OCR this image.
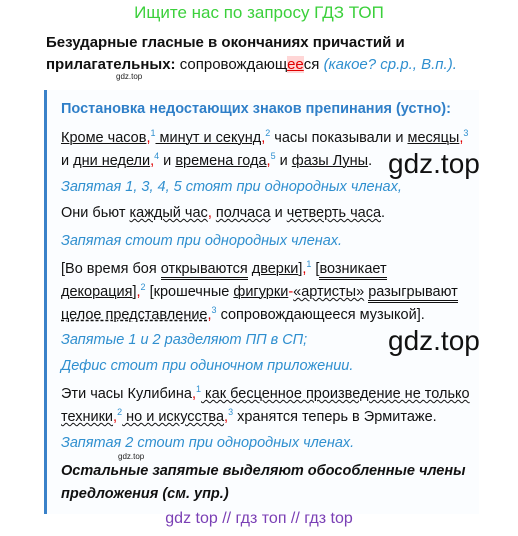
Ищите нас по запросу ГДЗ ТОП
Безударные гласные в окончаниях причастий и
прилагательных: сопровождающееся (какое? ср.р., В.п.).
gdz.top
Постановка недостающих знаков препинания (устно):
Кроме часов,$^1$ минут и секунд,$^2$ часы показывали и месяцы,$^3$
и дни недели,$^4$ и времена года,$^5$ и фазы Луны. gdz.top
Запятая 1, 3, 4, 5 стоят при однородных членах,
Они бьют каждый час, полчаса и четверть часа.
Запятая стоит при однородных членах.
[Во время боя открываются дверки],$^1$ [возникает
декорация],$^2$ [крошечные фигурки-«артисты» разыгрывают
целое представление,$^3$ сопровождающееся музыкой].
Запятые 1 и 2 разделяют ПП в СП;	gdz.top
Дефис стоит при одиночном приложении.
Эти часы Кулибина,$^1$ как бесценное произведение не только
техники,$^2$ но и искусства,$^3$ хранятся теперь в Эрмитаже.
Запятая 2 стоит при однородных членах.
gdz.top
Остальные запятые выделяют обособленные члены
предложения (см. упр.)
gdz top // гдз топ // гдз top
